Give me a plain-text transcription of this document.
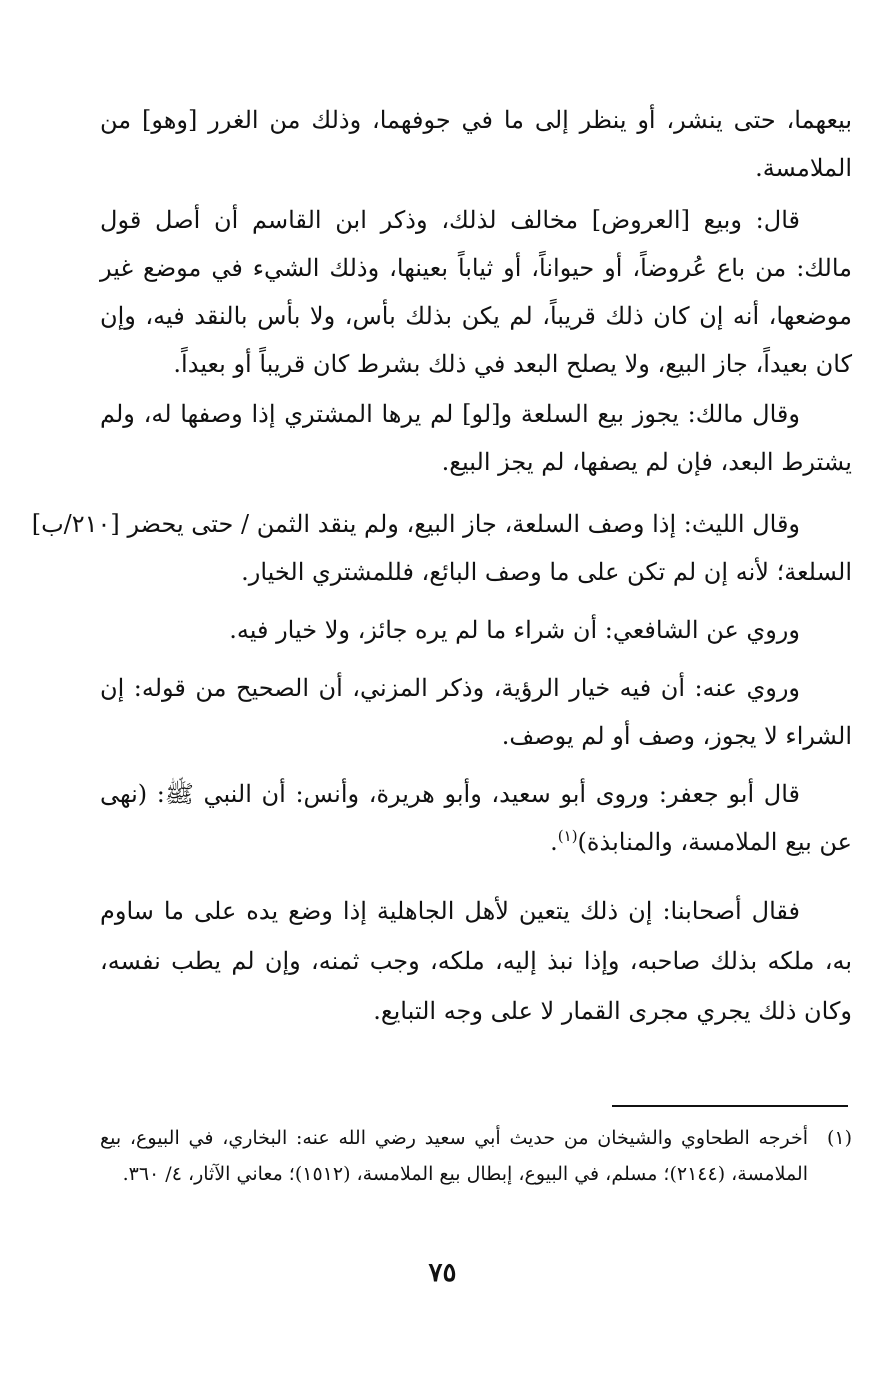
بيعهما، حتى ينشر، أو ينظر إلى ما في جوفهما، وذلك من الغرر [وهو] من الملامسة.

قال: وبيع [العروض] مخالف لذلك، وذكر ابن القاسم أن أصل قول مالك: من باع عُروضاً، أو حيواناً، أو ثياباً بعينها، وذلك الشيء في موضع غير موضعها، أنه إن كان ذلك قريباً، لم يكن بذلك بأس، ولا بأس بالنقد فيه، وإن كان بعيداً، جاز البيع، ولا يصلح البعد في ذلك بشرط كان قريباً أو بعيداً.

وقال مالك: يجوز بيع السلعة و[لو] لم يرها المشتري إذا وصفها له، ولم يشترط البعد، فإن لم يصفها، لم يجز البيع.

وقال الليث: إذا وصف السلعة، جاز البيع، ولم ينقد الثمن / حتى يحضر [٢١٠/ب]

السلعة؛ لأنه إن لم تكن على ما وصف البائع، فللمشتري الخيار.

وروي عن الشافعي: أن شراء ما لم يره جائز، ولا خيار فيه.

وروي عنه: أن فيه خيار الرؤية، وذكر المزني، أن الصحيح من قوله: إن الشراء لا يجوز، وصف أو لم يوصف.

قال أبو جعفر: وروى أبو سعيد، وأبو هريرة، وأنس: أن النبي ﷺ: (نهى عن بيع الملامسة، والمنابذة)$^{(١)}$.

فقال أصحابنا: إن ذلك يتعين لأهل الجاهلية إذا وضع يده على ما ساوم به، ملكه بذلك صاحبه، وإذا نبذ إليه، ملكه، وجب ثمنه، وإن لم يطب نفسه، وكان ذلك يجري مجرى القمار لا على وجه التبايع.

(١)
أخرجه الطحاوي والشيخان من حديث أبي سعيد رضي الله عنه: البخاري، في البيوع، بيع الملامسة، (٢١٤٤)؛ مسلم، في البيوع، إبطال بيع الملامسة، (١٥١٢)؛ معاني الآثار، ٤/ ٣٦٠.

٧٥
